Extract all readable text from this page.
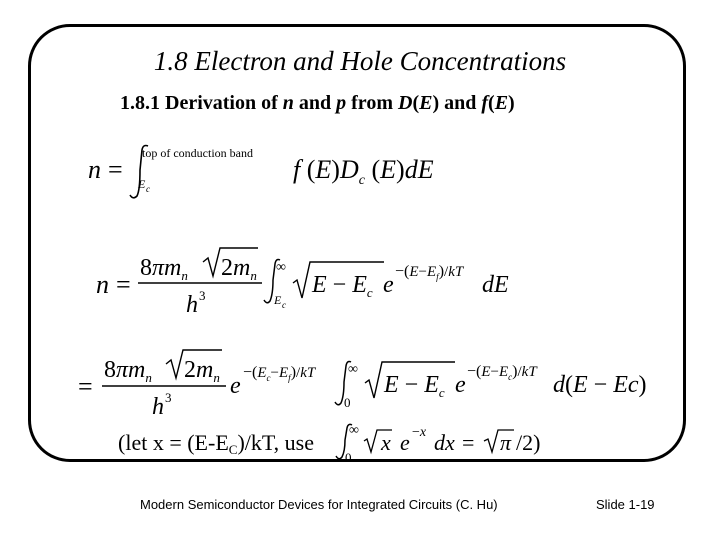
1.8 Electron and Hole Concentrations
1.8.1 Derivation of n and p from D(E) and f(E)
n =
top of conduction band
E c
f $(E)D_c$ (E)dE
n =
$8\pi m_n$ $2m_n$
h 3
∞
E c
$E - E_c$ e
$-(E-E_f)/kT$ dE
=
$8\pi m_n$ $2m_n$
h 3 e
$-(E_c-E_f)/kT$ ∞
0
$E - E_c$ e
$-(E-E_c)/kT$ d(E − Ec)
(let x = (E-EC)/kT, use ∞
0
x e −x dx = π /2)
Modern Semiconductor Devices for Integrated Circuits (C. Hu)	Slide 1-19
